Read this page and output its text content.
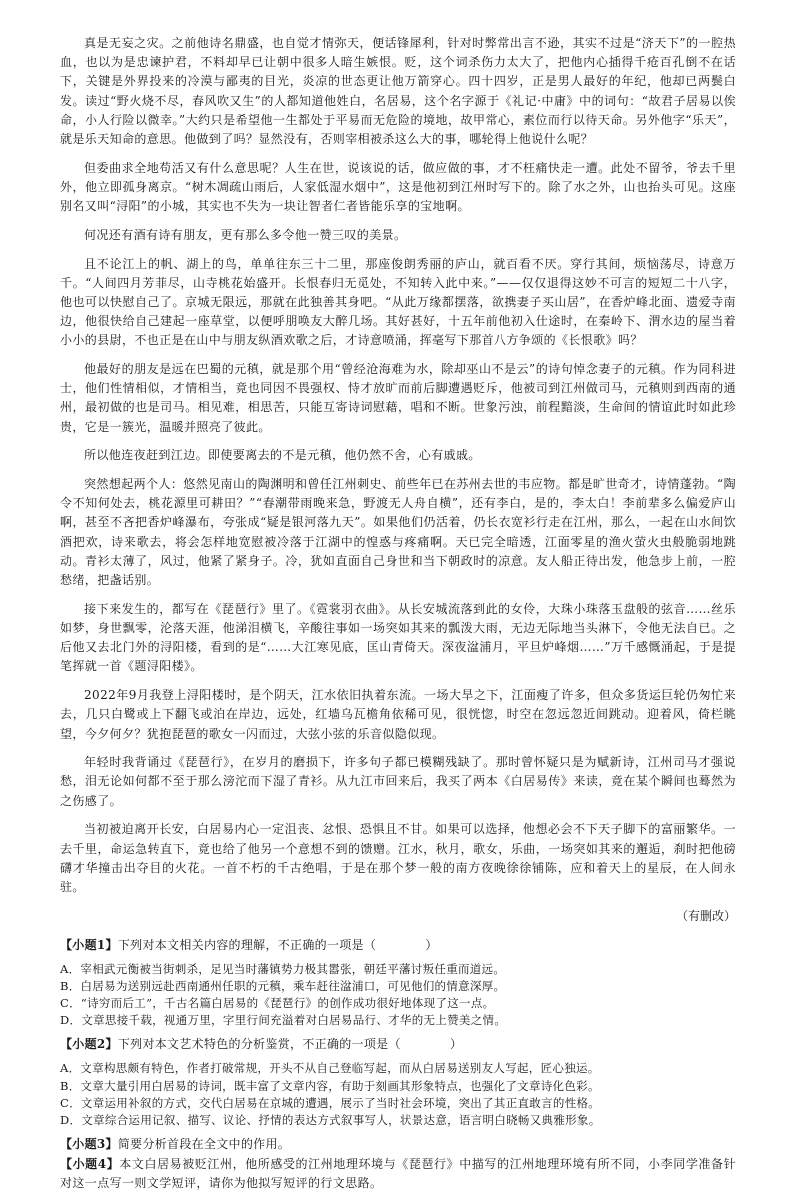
真是无妄之灾。之前他诗名鼎盛，也自觉才情弥天，便话锋犀利，针对时弊常出言不逊，其实不过是“济天下”的一腔热血，也以为是忠谏护君，不料却早已让朝中很多人暗生嫉恨。贬，这个词杀伤力太大了，把他内心插得千疮百孔倒不在话下，关键是外界投来的冷漠与鄙夷的目光，炎凉的世态更让他万箭穿心。四十四岁，正是男人最好的年纪，他却已两鬓白发。读过“野火烧不尽，春风吹又生”的人都知道他姓白，名居易，这个名字源于《礼记·中庸》中的词句：“故君子居易以俟命，小人行险以微幸。”大约只是希望他一生都处于平易而无危险的境地，故甲常心，素位而行以待天命。另外他字“乐天”，就是乐天知命的意思。他做到了吗？显然没有，否则宰相被杀这么大的事，哪轮得上他说什么呢？

但委曲求全地苟活又有什么意思呢？人生在世，说该说的话，做应做的事，才不枉痛快走一遭。此处不留爷，爷去千里外，他立即孤身离京。“树木凋疏山雨后，人家低湿水烟中”，这是他初到江州时写下的。除了水之外，山也抬头可见。这座别名又叫“浔阳”的小城，其实也不失为一块让智者仁者皆能乐享的宝地啊。

何况还有酒有诗有朋友，更有那么多令他一赞三叹的美景。

且不论江上的帆、湖上的鸟，单单往东三十二里，那座俊朗秀丽的庐山，就百看不厌。穿行其间，烦恼荡尽，诗意万千。“人间四月芳菲尽，山寺桃花始盛开。长恨春归无觅处，不知转入此中来。”——仅仅退得这妙不可言的短短二十八字，他也可以快慰自己了。京城无限远，那就在此独善其身吧。“从此万缘都摆落，欲携妻子买山居”，在香炉峰北面、遗爱寺南边，他很快给自己建起一座草堂，以便呼朋唤友大醉几场。其好甚好，十五年前他初入仕途时，在秦岭下、渭水边的屋当着小小的县尉，不也正是在山中与朋友纵酒欢歌之后，才诗意喷涌，挥毫写下那首八方争颂的《长恨歌》吗？

他最好的朋友是远在巴蜀的元稹，就是那个用“曾经沧海难为水，除却巫山不是云”的诗句悼念妻子的元稹。作为同科进士，他们性情相似，才情相当，竟也同因不畏强权、恃才放旷而前后脚遭遇贬斥，他被司到江州做司马，元稹则到西南的通州，最初做的也是司马。相见难，相思苦，只能互寄诗词慰藉，唱和不断。世象污浊，前程黯淡，生命间的情谊此时如此珍贵，它是一簇光，温暖并照亮了彼此。

所以他连夜赶到江边。即使要离去的不是元稹，他仍然不舍，心有戚戚。

突然想起两个人：悠然见南山的陶渊明和曾任江州刺史、前些年已在苏州去世的韦应物。都是旷世奇才，诗情蓬勃。“陶令不知何处去，桃花源里可耕田？”“春潮带雨晚来急，野渡无人舟自横”，还有李白，是的，李太白！李前辈多么偏爱庐山啊，甚至不吝把香炉峰瀑布，夸张成“疑是银河落九天”。如果他们仍活着，仍长衣宽衫行走在江州，那么，一起在山水间饮酒把欢，诗来歌去，将会怎样地宽慰被冷落于江湖中的惶惑与疼痛啊。天已完全暗透，江面零星的渔火萤火虫般脆弱地跳动。青衫太薄了，风过，他紧了紧身子。冷，犹如直面自己身世和当下朝政时的凉意。友人船正待出发，他急步上前，一腔愁绪，把盏话别。

接下来发生的，都写在《琵琶行》里了。《霓裳羽衣曲》。从长安城流落到此的女伶，大珠小珠落玉盘般的弦音……丝乐如梦，身世飘零，沦落天涯，他涕泪横飞，辛酸往事如一场突如其来的瓢泼大雨，无边无际地当头淋下，令他无法自已。之后他又去北门外的浔阳楼，看到的是“……大江寒见底，匡山青倚天。深夜湓浦月，平旦炉峰烟……”万千感慨涌起，于是提笔挥就一首《题浔阳楼》。

2022年9月我登上浔阳楼时，是个阴天，江水依旧执着东流。一场大旱之下，江面瘦了许多，但众多货运巨轮仍匆忙来去，几只白鹭或上下翻飞或泊在岸边，远处，红墙乌瓦檐角依稀可见，很恍惚，时空在忽远忽近间跳动。迎着风，倚栏眺望，今夕何夕？犹抱琵琶的歌女一闪而过，大弦小弦的乐音似隐似现。

年轻时我背诵过《琵琶行》，在岁月的磨损下，许多句子都已模糊残缺了。那时曾怀疑只是为赋新诗，江州司马才强说愁，泪无论如何都不至于那么滂沱而下湿了青衫。从九江市回来后，我买了两本《白居易传》来读，竟在某个瞬间也蓦然为之伤感了。

当初被迫离开长安，白居易内心一定沮丧、忿恨、恐惧且不甘。如果可以选择，他想必会不下天子脚下的富丽繁华。一去千里，命运急转直下，竟也给了他另一个意想不到的馈赠。江水，秋月，歌女，乐曲，一场突如其来的邂逅，刹时把他磅礴才华撞击出夺目的火花。一首不朽的千古绝唱，于是在那个梦一般的南方夜晚徐徐铺陈，应和着天上的星辰，在人间永驻。

（有删改）

【小题1】下列对本文相关内容的理解，不正确的一项是（　　　　）

A．宰相武元衡被当街刺杀，足见当时藩镇势力极其嚣张，朝廷平藩讨叛任重而道远。

B．白居易为送别远赴西南通州任职的元稹，乘车赶往湓浦口，可见他们的情意深厚。

C．“诗穷而后工”，千古名篇白居易的《琵琶行》的创作成功很好地体现了这一点。

D．文章思接千载，视通万里，字里行间充溢着对白居易品行、才华的无上赞美之情。

【小题2】下列对本文艺术特色的分析鉴赏，不正确的一项是（　　　　）

A．文章构思颇有特色，作者打破常规，开头不从自己登临写起，而从白居易送别友人写起，匠心独运。

B．文章大量引用白居易的诗词，既丰富了文章内容，有助于刻画其形象特点，也强化了文章诗化色彩。

C．文章运用补叙的方式，交代白居易在京城的遭遇，展示了当时社会环境，突出了其正直敢言的性格。

D．文章综合运用记叙、描写、议论、抒情的表达方式叙事写人，状景达意，语言明白晓畅又典雅形象。

【小题3】简要分析首段在全文中的作用。

【小题4】本文白居易被贬江州，他所感受的江州地理环境与《琵琶行》中描写的江州地理环境有所不同，小李同学准备针对这一点写一则文学短评，请你为他拟写短评的行文思路。
